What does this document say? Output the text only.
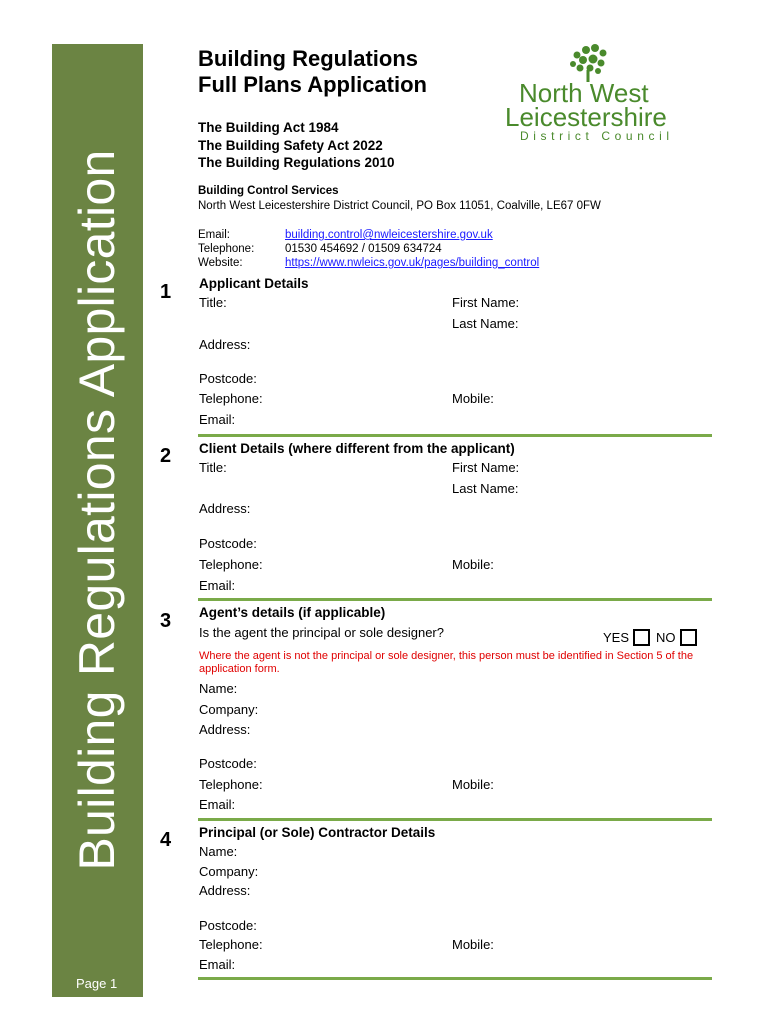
Building Regulations Application
Page 1
Building Regulations
Full Plans Application
The Building Act 1984
The Building Safety Act 2022
The Building Regulations 2010
Building Control Services
North West Leicestershire District Council, PO Box 11051, Coalville, LE67 0FW
Email:	building.control@nwleicestershire.gov.uk
Telephone:	01530 454692 / 01509 634724
Website:	https://www.nwleics.gov.uk/pages/building_control
North West
Leicestershire
District Council
1 Applicant Details
Title:	First Name:
Last Name:
Address:
Postcode:
Telephone:	Mobile:
Email:
2 Client Details (where different from the applicant)
Title:	First Name:
Last Name:
Address:
Postcode:
Telephone:	Mobile:
Email:
3 Agent’s details (if applicable)
Is the agent the principal or sole designer?	YES NO
Where the agent is not the principal or sole designer, this person must be identified in Section 5 of the application form.
Name:
Company:
Address:
Postcode:
Telephone:	Mobile:
Email:
4 Principal (or Sole) Contractor Details
Name:
Company:
Address:
Postcode:
Telephone:	Mobile:
Email:
